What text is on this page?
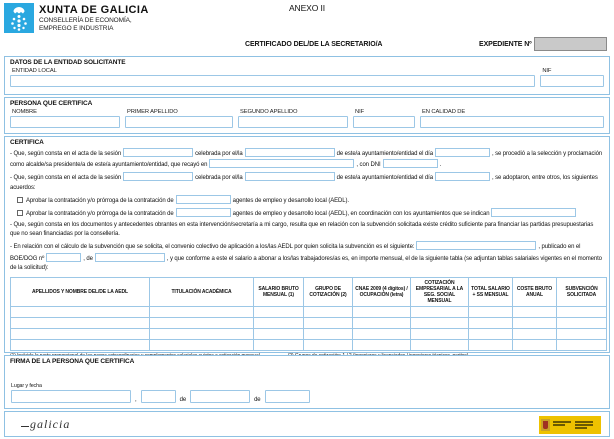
XUNTA DE GALICIA
CONSELLERÍA DE ECONOMÍA,
EMPREGO E INDUSTRIA
ANEXO II
CERTIFICADO DEL/DE LA SECRETARIO/A	EXPEDIENTE Nº
DATOS DE LA ENTIDAD SOLICITANTE
ENTIDAD LOCAL	NIF
PERSONA QUE CERTIFICA
NOMBRE	PRIMER APELLIDO	SEGUNDO APELLIDO	NIF	EN CALIDAD DE
CERTIFICA

- Que, según consta en el acta de la sesión	celebrada por el/la	de este/a ayuntamiento/entidad el día	, se procedió a la selección y proclamación como alcalde/sa presidente/a de este/a ayuntamiento/entidad, que recayó en	, con DNI	.

- Que, según consta en el acta de la sesión	celebrada por el/la	de este/a ayuntamiento/entidad el día	, se adoptaron, entre otros, los siguientes acuerdos:

Aprobar la contratación y/o prórroga de la contratación de	agentes de empleo y desarrollo local (AEDL).

Aprobar la contratación y/o prórroga de la contratación de	agentes de empleo y desarrollo local (AEDL), en coordinación con los ayuntamientos que se indican

- Que, según consta en los documentos y antecedentes obrantes en esta intervención/secretaría a mi cargo, resulta que en relación con la subvención solicitada existe crédito suficiente para financiar las partidas presupuestarias que no sean financiadas por la consellería.

- En relación con el cálculo de la subvención que se solicita, el convenio colectivo de aplicación a los/las AEDL por quien solicita la subvención es el siguiente:	, publicado en el BOE/DOG nº	, de	, y que conforme a este el salario a abonar a los/las trabajadores/as es, en importe mensual, el de la siguiente tabla (se adjuntan tablas salariales vigentes en el momento de la solicitud):

APELLIDOS Y NOMBRE DEL/DE LA AEDL	TITULACIÓN ACADÉMICA	SALARIO BRUTO MENSUAL (1)	GRUPO DE COTIZACIÓN (2)	CNAE 2009 (4 dígitos) / OCUPACIÓN (letra)	COTIZACIÓN EMPRESARIAL A LA SEG. SOCIAL MENSUAL	TOTAL SALARIO + SS MENSUAL	COSTE BRUTO ANUAL	SUBVENCIÓN SOLICITADA

FIRMA DE LA PERSONA QUE CERTIFICA
Lugar y fecha
,	de	de
galicia
